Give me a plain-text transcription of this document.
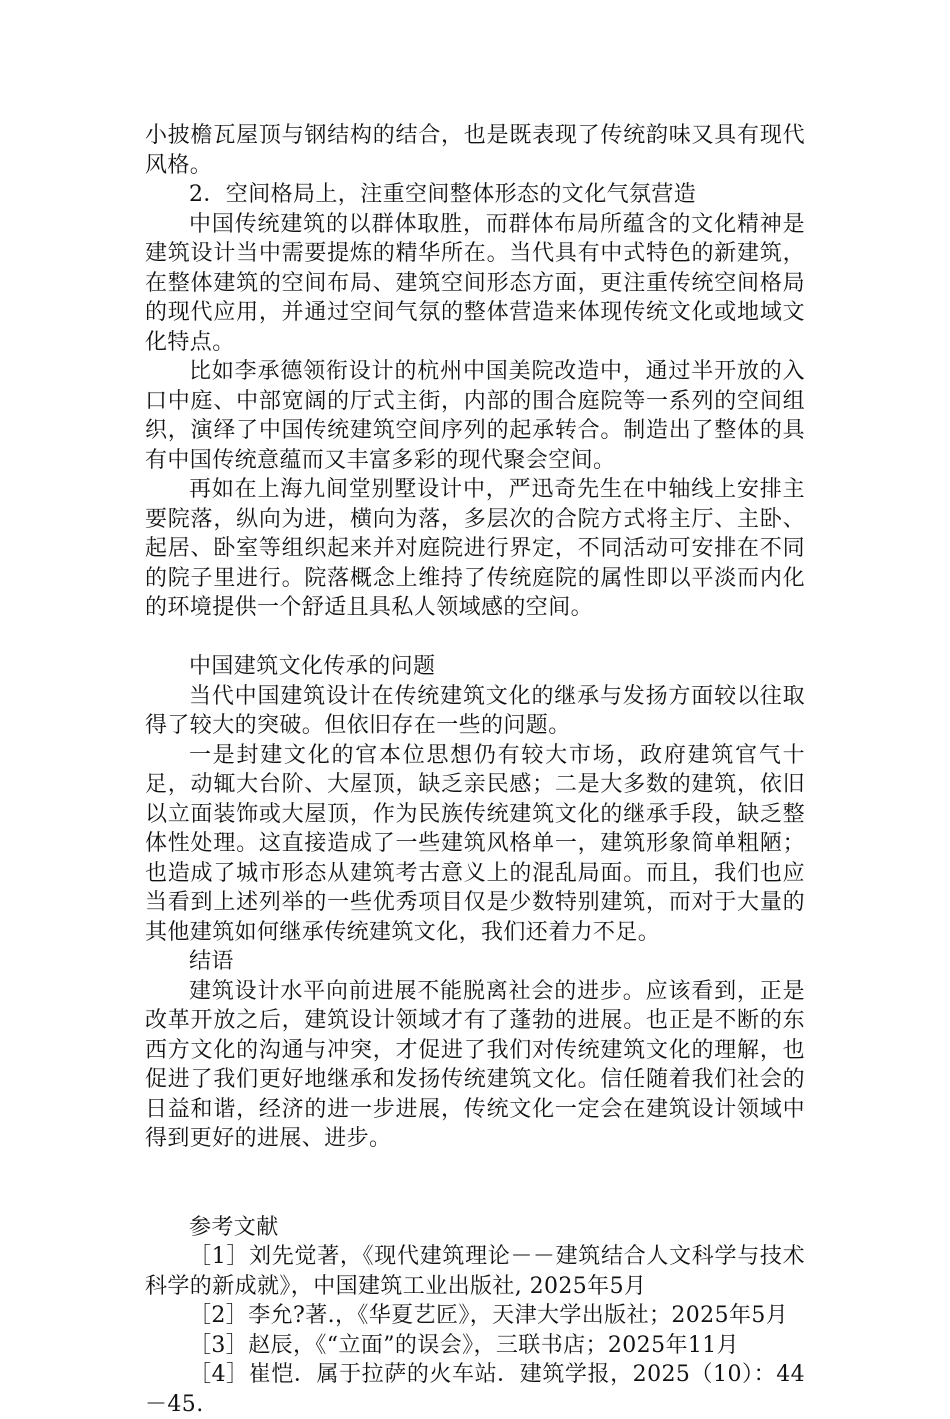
小披檐瓦屋顶与钢结构的结合，也是既表现了传统韵味又具有现代风格。

2．空间格局上，注重空间整体形态的文化气氛营造

中国传统建筑的以群体取胜，而群体布局所蕴含的文化精神是建筑设计当中需要提炼的精华所在。当代具有中式特色的新建筑，在整体建筑的空间布局、建筑空间形态方面，更注重传统空间格局的现代应用，并通过空间气氛的整体营造来体现传统文化或地域文化特点。

比如李承德领衔设计的杭州中国美院改造中，通过半开放的入口中庭、中部宽阔的厅式主街，内部的围合庭院等一系列的空间组织，演绎了中国传统建筑空间序列的起承转合。制造出了整体的具有中国传统意蕴而又丰富多彩的现代聚会空间。

再如在上海九间堂别墅设计中，严迅奇先生在中轴线上安排主要院落，纵向为进，横向为落，多层次的合院方式将主厅、主卧、起居、卧室等组织起来并对庭院进行界定，不同活动可安排在不同的院子里进行。院落概念上维持了传统庭院的属性即以平淡而内化的环境提供一个舒适且具私人领域感的空间。

中国建筑文化传承的问题

当代中国建筑设计在传统建筑文化的继承与发扬方面较以往取得了较大的突破。但依旧存在一些的问题。

一是封建文化的官本位思想仍有较大市场，政府建筑官气十足，动辄大台阶、大屋顶，缺乏亲民感；二是大多数的建筑，依旧以立面装饰或大屋顶，作为民族传统建筑文化的继承手段，缺乏整体性处理。这直接造成了一些建筑风格单一，建筑形象简单粗陋；也造成了城市形态从建筑考古意义上的混乱局面。而且，我们也应当看到上述列举的一些优秀项目仅是少数特别建筑，而对于大量的其他建筑如何继承传统建筑文化，我们还着力不足。

结语

建筑设计水平向前进展不能脱离社会的进步。应该看到，正是改革开放之后，建筑设计领域才有了蓬勃的进展。也正是不断的东西方文化的沟通与冲突，才促进了我们对传统建筑文化的理解，也促进了我们更好地继承和发扬传统建筑文化。信任随着我们社会的日益和谐，经济的进一步进展，传统文化一定会在建筑设计领域中得到更好的进展、进步。

参考文献

［1］刘先觉著，《现代建筑理论－－建筑结合人文科学与技术科学的新成就》，中国建筑工业出版社, 2025年5月

［2］李允?著.，《华夏艺匠》，天津大学出版社；2025年5月

［3］赵辰，《“立面”的误会》，三联书店；2025年11月

［4］崔恺．属于拉萨的火车站．建筑学报，2025（10）：44－45.
